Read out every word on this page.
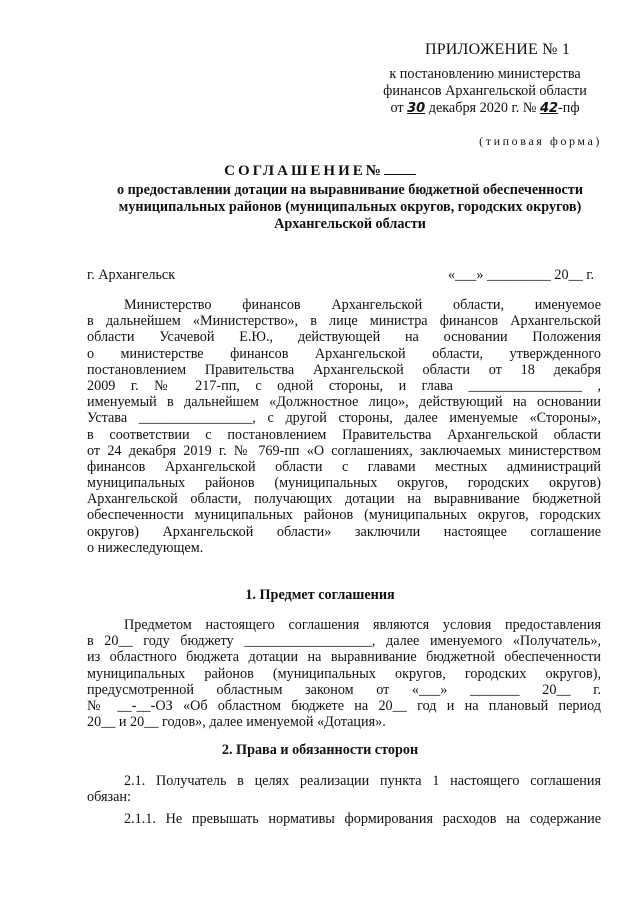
ПРИЛОЖЕНИЕ № 1
к постановлению министерства
финансов Архангельской области
от 30 декабря 2020 г. № 42-пф
(типовая форма)
СОГЛАШЕНИЕ№
о предоставлении дотации на выравнивание бюджетной обеспеченности
муниципальных районов (муниципальных округов, городских округов)
Архангельской области
г. Архангельск	«___» _________ 20__ г.
Министерство финансов Архангельской области, именуемое
в дальнейшем «Министерство», в лице министра финансов Архангельской
области Усачевой Е.Ю., действующей на основании Положения
о министерстве финансов Архангельской области, утвержденного
постановлением Правительства Архангельской области от 18 декабря
2009 г. № 217-пп, с одной стороны, и глава ________________ ,
именуемый в дальнейшем «Должностное лицо», действующий на основании
Устава ________________, с другой стороны, далее именуемые «Стороны»,
в соответствии с постановлением Правительства Архангельской области
от 24 декабря 2019 г. № 769-пп «О соглашениях, заключаемых министерством
финансов Архангельской области с главами местных администраций
муниципальных районов (муниципальных округов, городских округов)
Архангельской области, получающих дотации на выравнивание бюджетной
обеспеченности муниципальных районов (муниципальных округов, городских
округов) Архангельской области» заключили настоящее соглашение
о нижеследующем.
1. Предмет соглашения
Предметом настоящего соглашения являются условия предоставления
в 20__ году бюджету __________________, далее именуемого «Получатель»,
из областного бюджета дотации на выравнивание бюджетной обеспеченности
муниципальных районов (муниципальных округов, городских округов),
предусмотренной областным законом от «___» _______ 20__ г.
№ __-__-ОЗ «Об областном бюджете на 20__ год и на плановый период
20__ и 20__ годов», далее именуемой «Дотация».
2. Права и обязанности сторон
2.1. Получатель в целях реализации пункта 1 настоящего соглашения
обязан:
2.1.1. Не превышать нормативы формирования расходов на содержание
